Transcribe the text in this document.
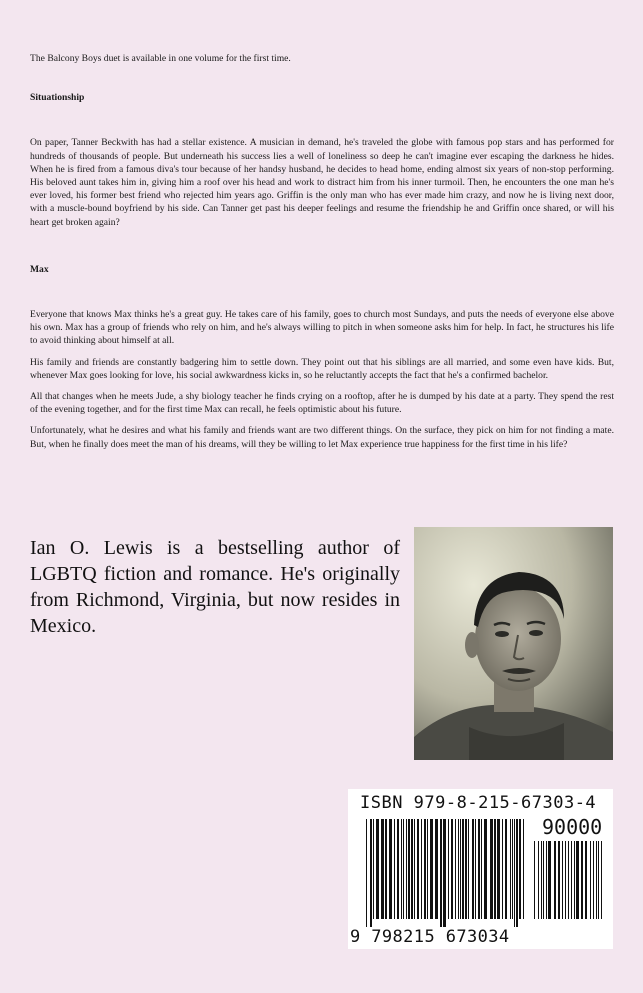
The Balcony Boys duet is available in one volume for the first time.

Situationship

On paper, Tanner Beckwith has had a stellar existence. A musician in demand, he's traveled the globe with famous pop stars and has performed for hundreds of thousands of people. But underneath his success lies a well of loneliness so deep he can't imagine ever escaping the darkness he hides. When he is fired from a famous diva's tour because of her handsy husband, he decides to head home, ending almost six years of non-stop performing. His beloved aunt takes him in, giving him a roof over his head and work to distract him from his inner turmoil. Then, he encounters the one man he's ever loved, his former best friend who rejected him years ago. Griffin is the only man who has ever made him crazy, and now he is living next door, with a muscle-bound boyfriend by his side. Can Tanner get past his deeper feelings and resume the friendship he and Griffin once shared, or will his heart get broken again?

Max

Everyone that knows Max thinks he's a great guy. He takes care of his family, goes to church most Sundays, and puts the needs of everyone else above his own. Max has a group of friends who rely on him, and he's always willing to pitch in when someone asks him for help. In fact, he structures his life to avoid thinking about himself at all.

His family and friends are constantly badgering him to settle down. They point out that his siblings are all married, and some even have kids. But, whenever Max goes looking for love, his social awkwardness kicks in, so he reluctantly accepts the fact that he's a confirmed bachelor.

All that changes when he meets Jude, a shy biology teacher he finds crying on a rooftop, after he is dumped by his date at a party. They spend the rest of the evening together, and for the first time Max can recall, he feels optimistic about his future.

Unfortunately, what he desires and what his family and friends want are two different things. On the surface, they pick on him for not finding a mate. But, when he finally does meet the man of his dreams, will they be willing to let Max experience true happiness for the first time in his life?

Ian O. Lewis is a bestselling author of LGBTQ fiction and romance. He's originally from Richmond, Virginia, but now resides in Mexico.

ISBN 979-8-215-67303-4
90000
9 798215 673034
